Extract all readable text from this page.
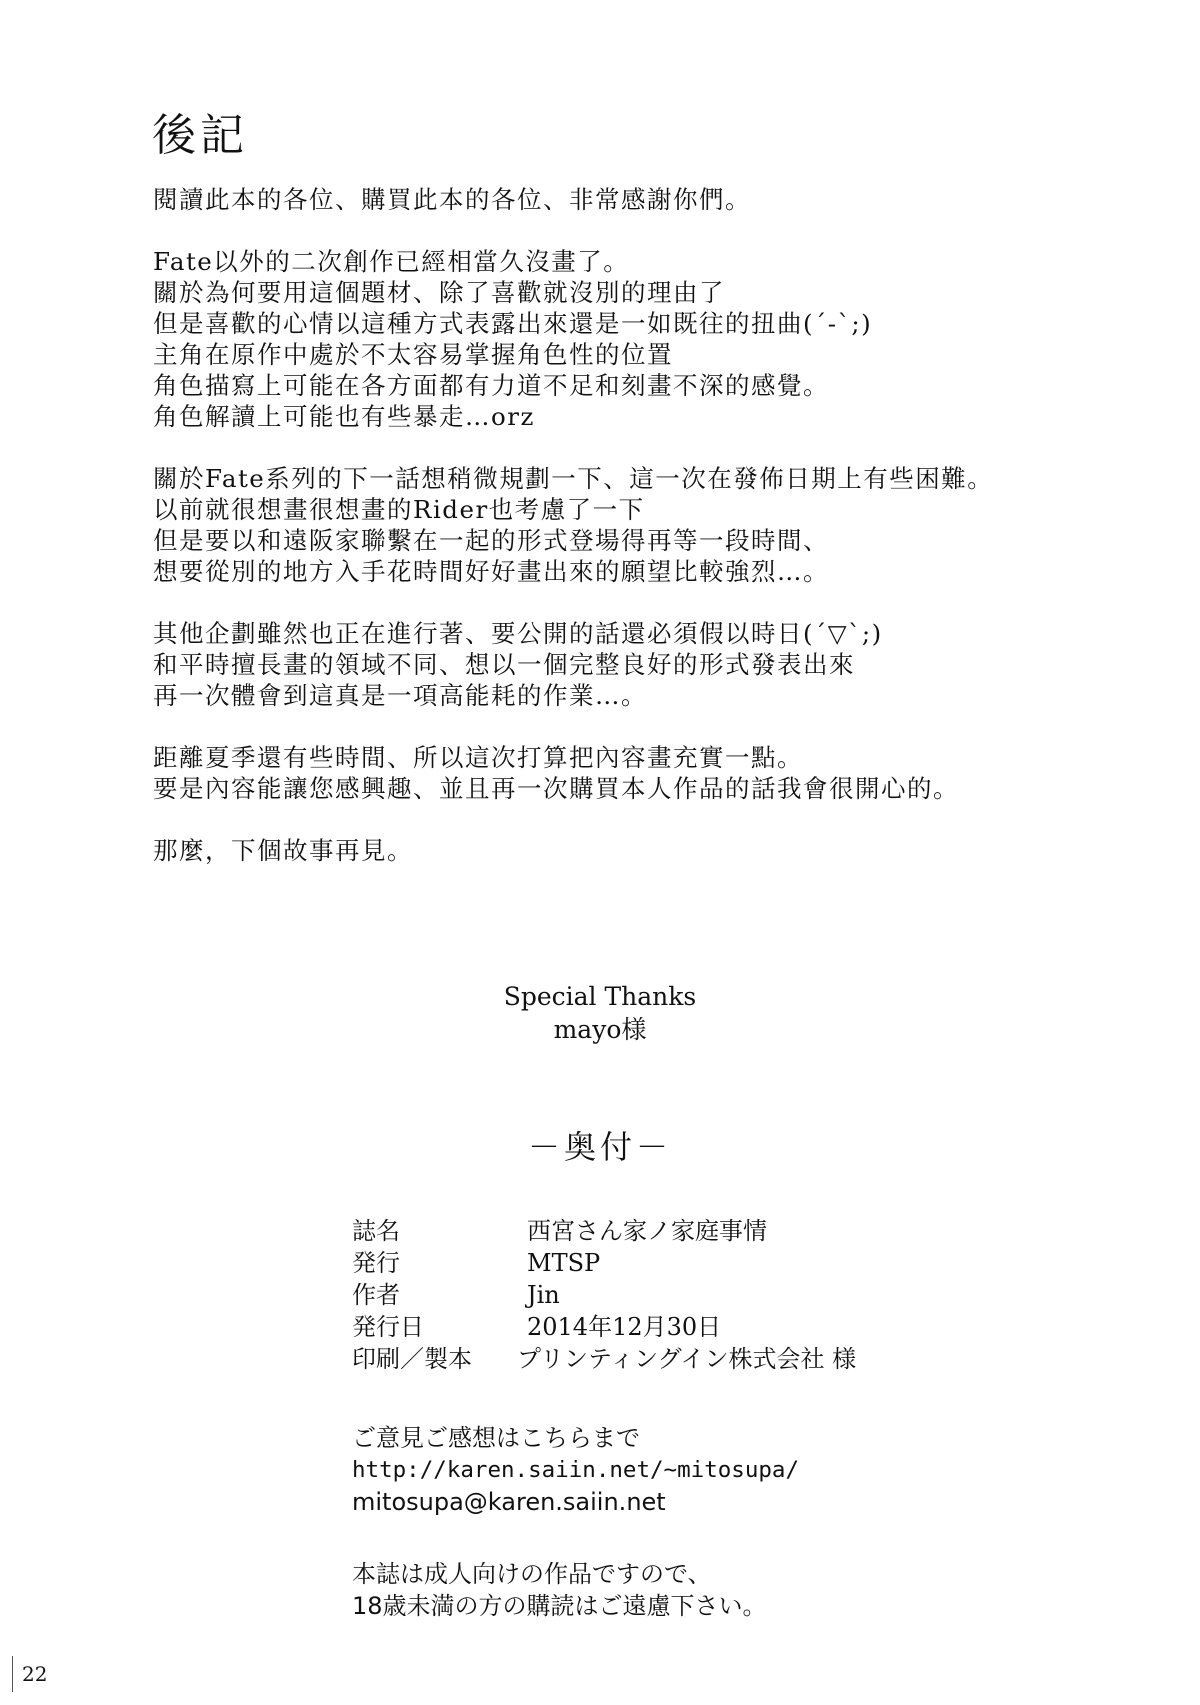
後記
閱讀此本的各位、購買此本的各位、非常感謝你們。
Fate以外的二次創作已經相當久沒畫了。
關於為何要用這個題材、除了喜歡就沒別的理由了
但是喜歡的心情以這種方式表露出來還是一如既往的扭曲(´-`;)
主角在原作中處於不太容易掌握角色性的位置
角色描寫上可能在各方面都有力道不足和刻畫不深的感覺。
角色解讀上可能也有些暴走…orz
關於Fate系列的下一話想稍微規劃一下、這一次在發佈日期上有些困難。
以前就很想畫很想畫的Rider也考慮了一下
但是要以和遠阪家聯繫在一起的形式登場得再等一段時間、
想要從別的地方入手花時間好好畫出來的願望比較強烈…。
其他企劃雖然也正在進行著、要公開的話還必須假以時日(´▽`;)
和平時擅長畫的領域不同、想以一個完整良好的形式發表出來
再一次體會到這真是一項高能耗的作業…。
距離夏季還有些時間、所以這次打算把內容畫充實一點。
要是內容能讓您感興趣、並且再一次購買本人作品的話我會很開心的。
那麼，下個故事再見。
Special Thanks
mayo様
－奥付－
誌名	西宮さん家ノ家庭事情
発行	MTSP
作者	Jin
発行日	2014年12月30日
印刷／製本	プリンティングイン株式会社 様
ご意見ご感想はこちらまで
http://karen.saiin.net/~mitosupa/
mitosupa@karen.saiin.net
本誌は成人向けの作品ですので、
18歳未満の方の購読はご遠慮下さい。
22
